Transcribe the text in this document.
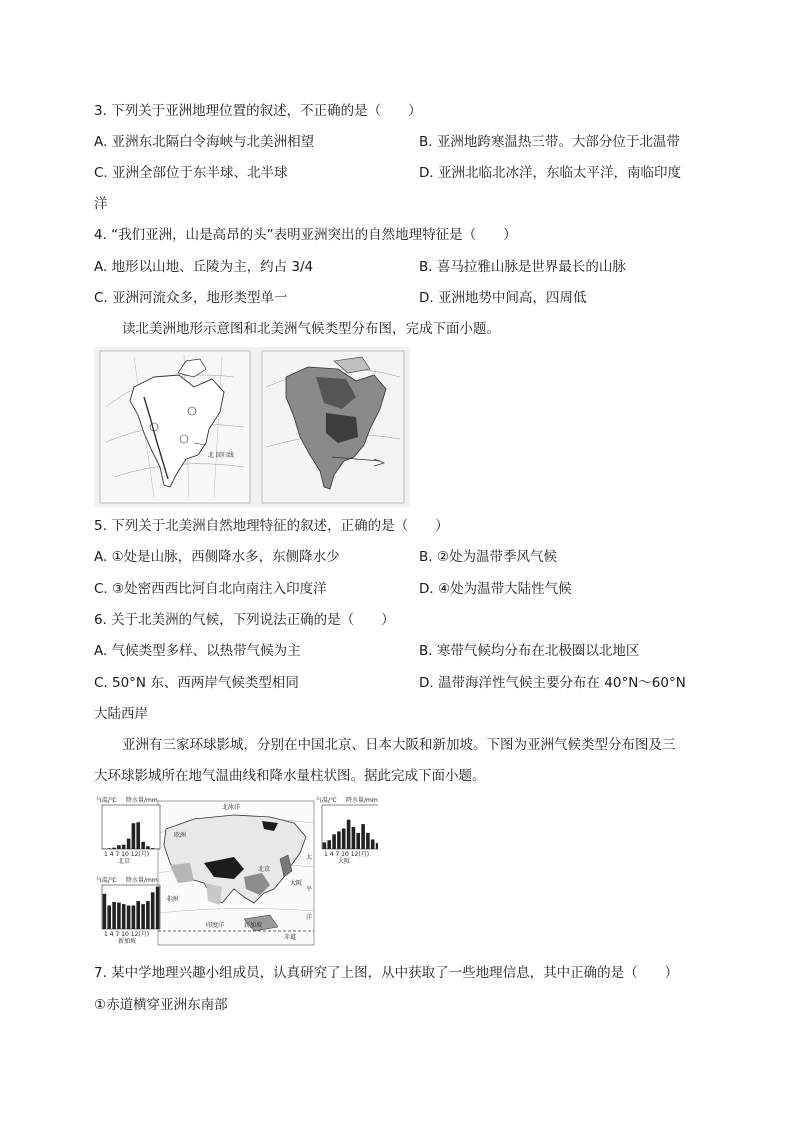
3. 下列关于亚洲地理位置的叙述，不正确的是（　　）
A. 亚洲东北隔白令海峡与北美洲相望	B. 亚洲地跨寒温热三带。大部分位于北温带
C. 亚洲全部位于东半球、北半球	D. 亚洲北临北冰洋，东临太平洋，南临印度
洋
4. “我们亚洲，山是高昂的头”表明亚洲突出的自然地理特征是（　　）
A. 地形以山地、丘陵为主，约占 3/4	B. 喜马拉雅山脉是世界最长的山脉
C. 亚洲河流众多，地形类型单一	D. 亚洲地势中间高，四周低
读北美洲地形示意图和北美洲气候类型分布图，完成下面小题。
北 回归线
5. 下列关于北美洲自然地理特征的叙述，正确的是（　　）
A. ①处是山脉，西侧降水多，东侧降水少	B. ②处为温带季风气候
C. ③处密西西比河自北向南注入印度洋	D. ④处为温带大陆性气候
6. 关于北美洲的气候，下列说法正确的是（　　）
A. 气候类型多样、以热带气候为主	B. 寒带气候均分布在北极圈以北地区
C. 50°N 东、西两岸气候类型相同	D. 温带海洋性气候主要分布在 40°N～60°N
大陆西岸
亚洲有三家环球影城，分别在中国北京、日本大阪和新加坡。下图为亚洲气候类型分布图及三
大环球影城所在地气温曲线和降水量柱状图。据此完成下面小题。
北冰洋
欧洲
北京
大阪
太
平
洋
印度洋	新加坡
非洲
赤道
气温/℃ 降水量/mm
1 4 7 10 12(月)
北京
气温/℃ 降水量/mm
1 4 7 10 12(月)
大阪
气温/℃ 降水量/mm
1 4 7 10 12(月)
新加坡
7. 某中学地理兴趣小组成员，认真研究了上图，从中获取了一些地理信息，其中正确的是（　　）
①赤道横穿亚洲东南部
